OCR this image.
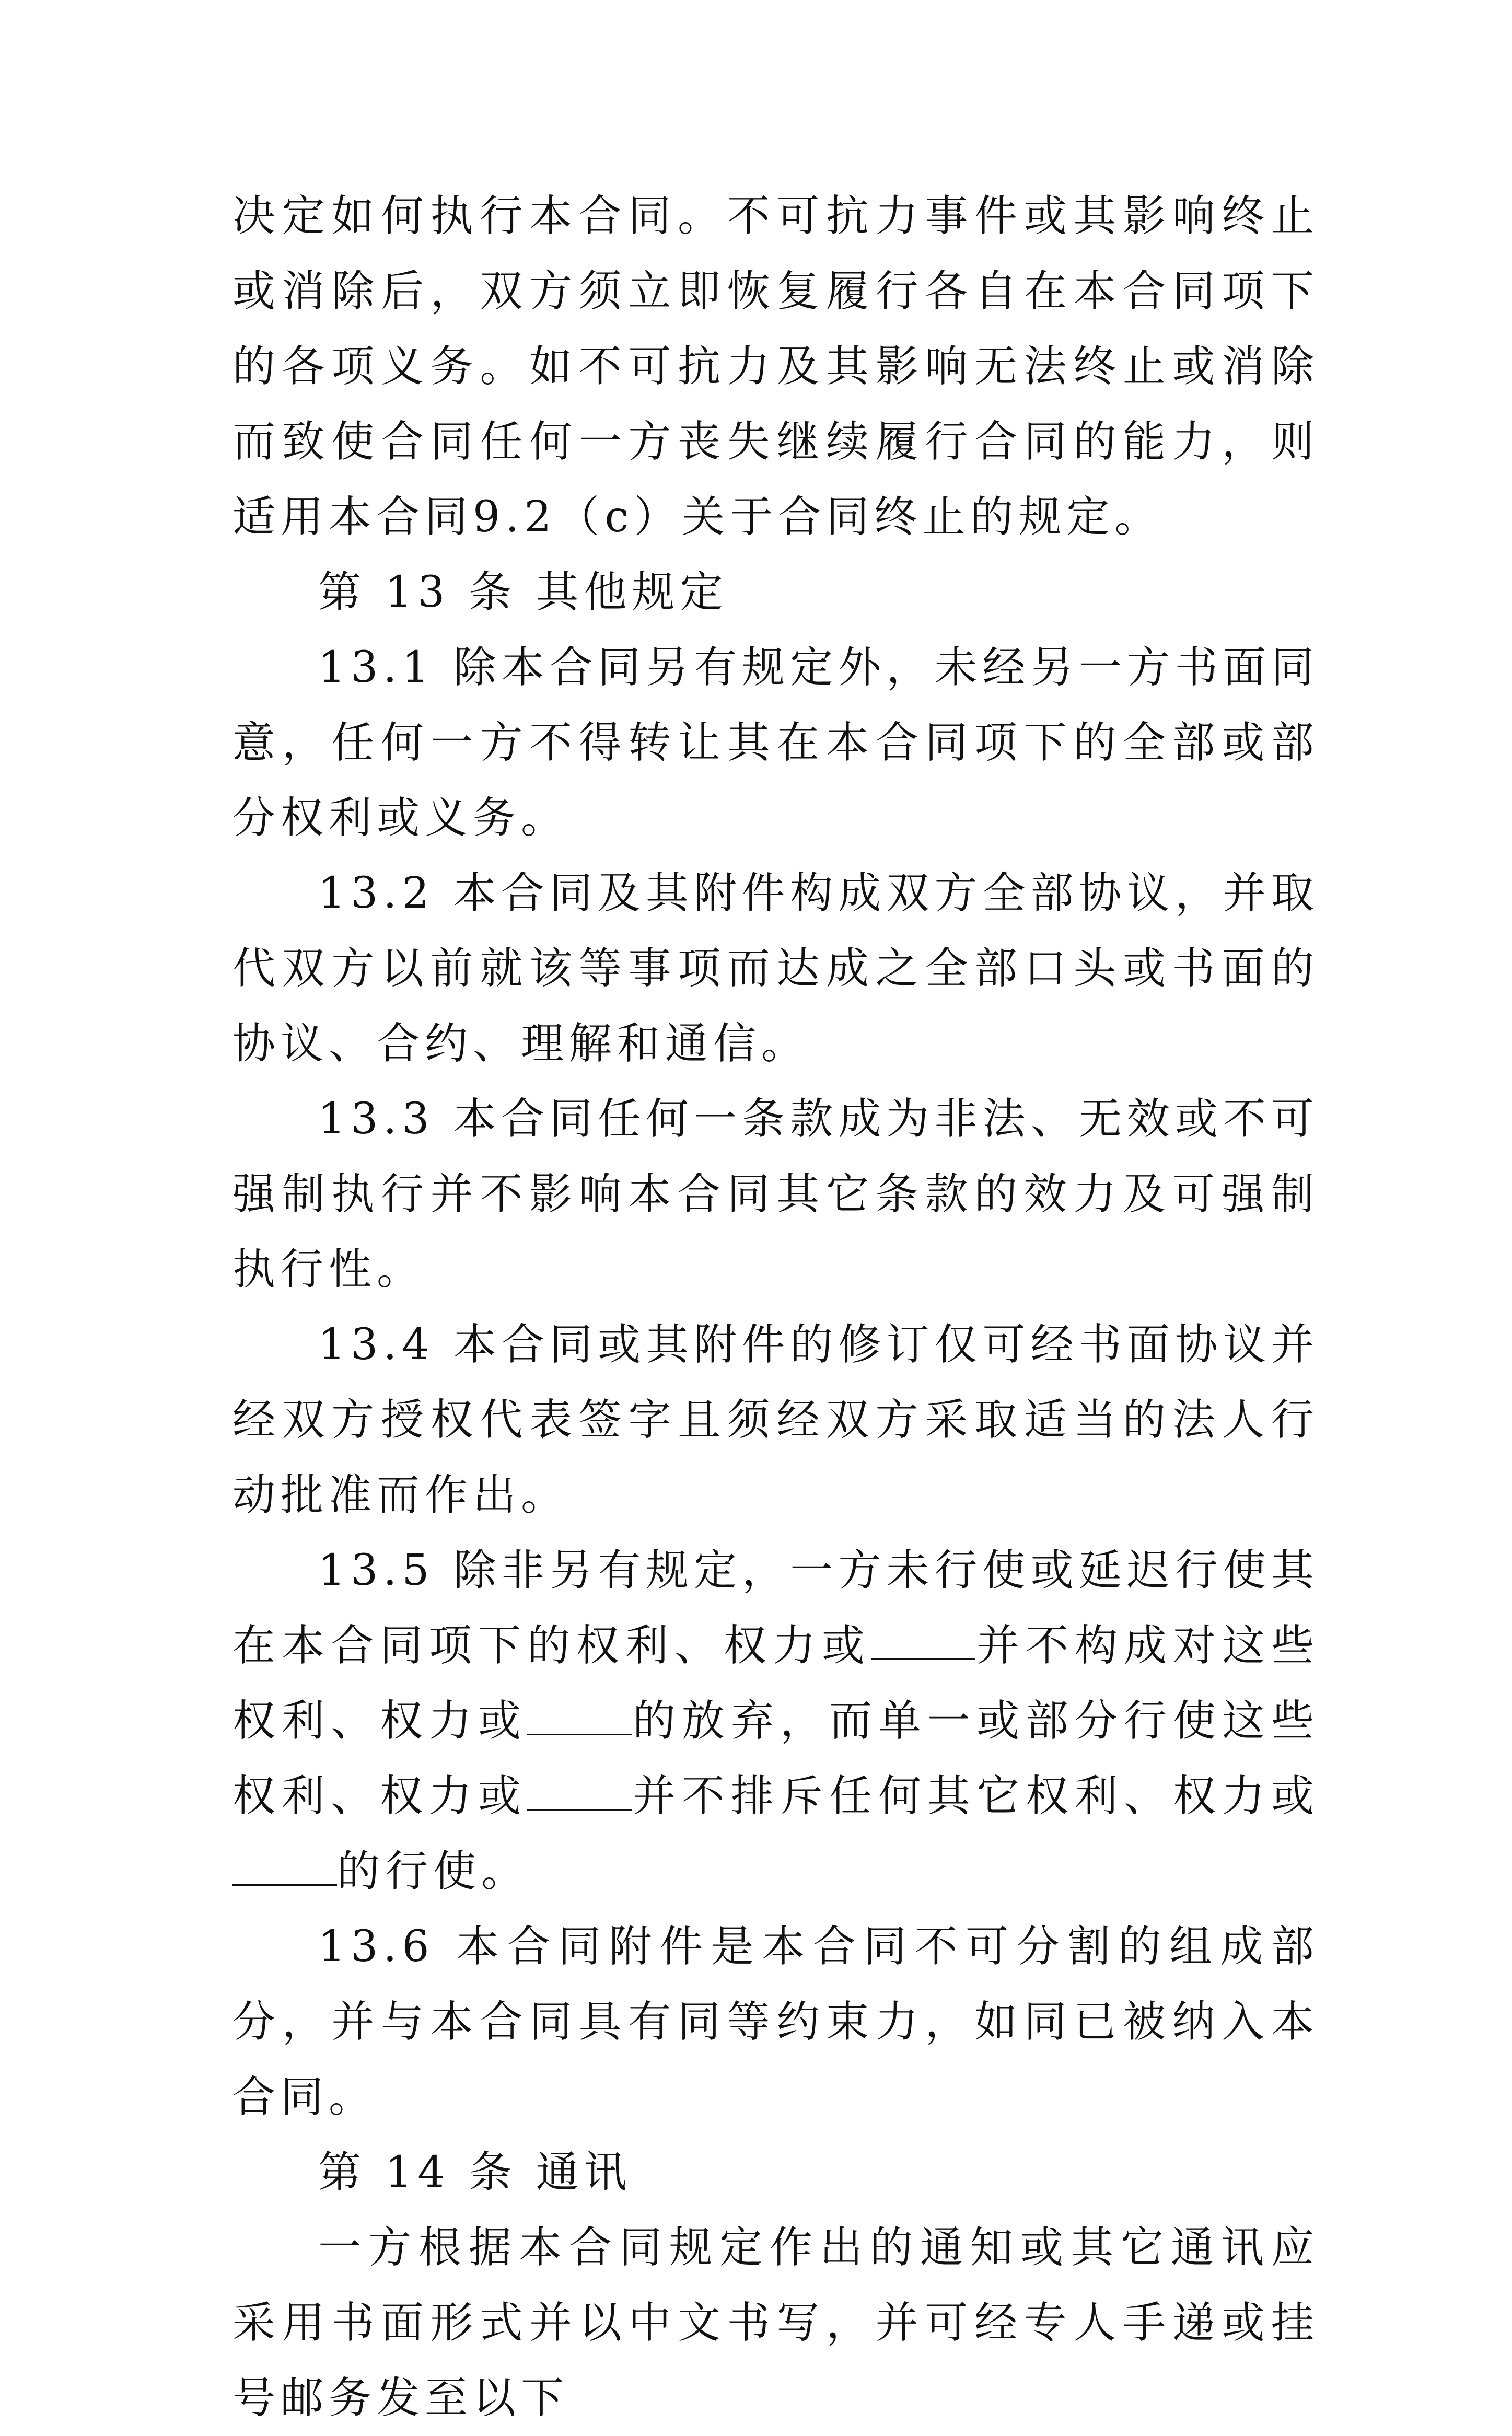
决定如何执行本合同。不可抗力事件或其影响终止或消除后，双方须立即恢复履行各自在本合同项下的各项义务。如不可抗力及其影响无法终止或消除而致使合同任何一方丧失继续履行合同的能力，则适用本合同9.2（c）关于合同终止的规定。

第 13 条 其他规定

13.1 除本合同另有规定外，未经另一方书面同意，任何一方不得转让其在本合同项下的全部或部分权利或义务。

13.2 本合同及其附件构成双方全部协议，并取代双方以前就该等事项而达成之全部口头或书面的协议、合约、理解和通信。

13.3 本合同任何一条款成为非法、无效或不可强制执行并不影响本合同其它条款的效力及可强制执行性。

13.4 本合同或其附件的修订仅可经书面协议并经双方授权代表签字且须经双方采取适当的法人行动批准而作出。

13.5 除非另有规定，一方未行使或延迟行使其在本合同项下的权利、权力或 并不构成对这些权利、权力或 的放弃，而单一或部分行使这些权利、权力或 并不排斥任何其它权利、权力或的行使。

13.6 本合同附件是本合同不可分割的组成部分，并与本合同具有同等约束力，如同已被纳入本合同。

第 14 条 通讯

一方根据本合同规定作出的通知或其它通讯应采用书面形式并以中文书写，并可经专人手递或挂号邮务发至以下
